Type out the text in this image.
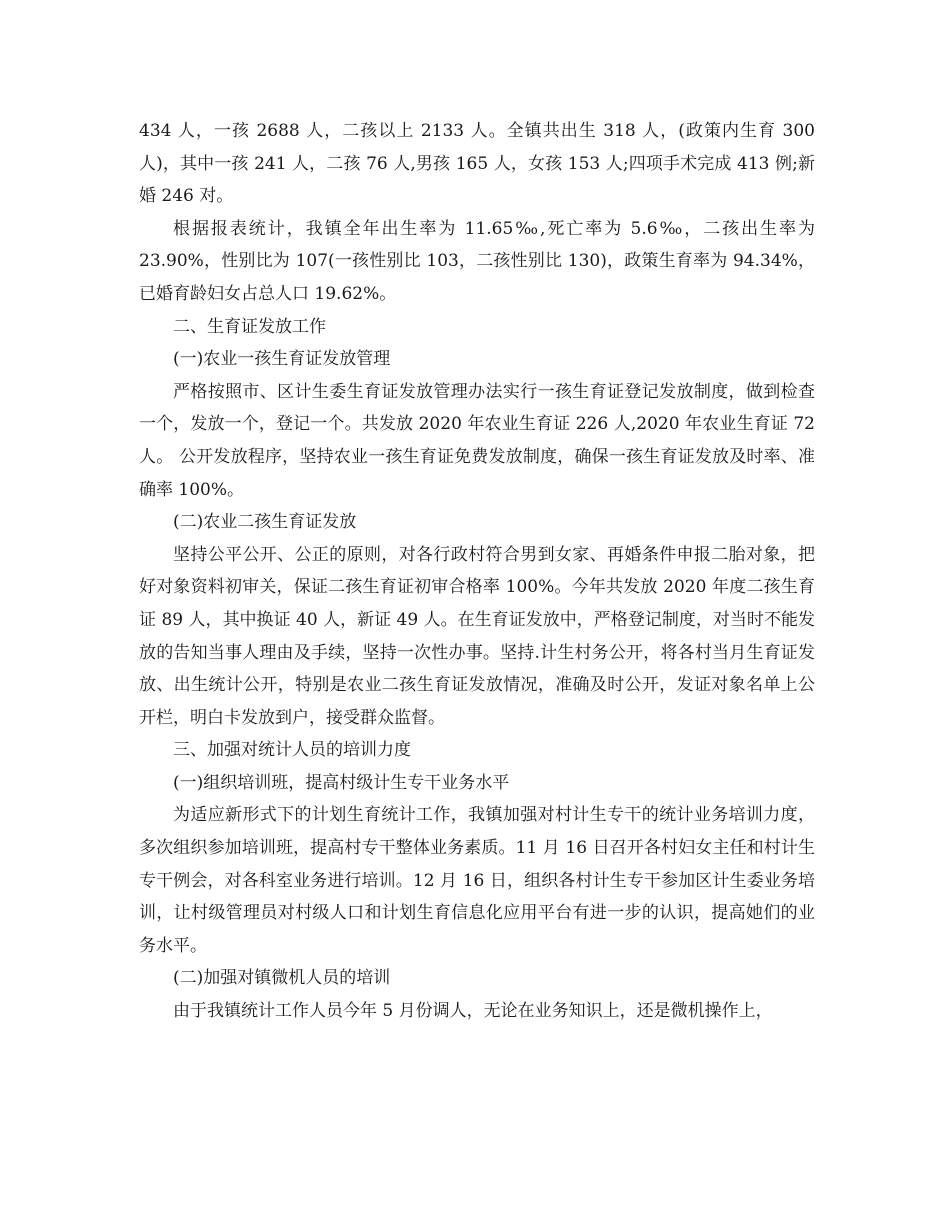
434 人，一孩 2688 人，二孩以上 2133 人。全镇共出生 318 人，(政策内生育 300 人)，其中一孩 241 人，二孩 76 人,男孩 165 人，女孩 153 人;四项手术完成 413 例;新婚 246 对。

根据报表统计，我镇全年出生率为 11.65‰,死亡率为 5.6‰，二孩出生率为 23.90%，性别比为 107(一孩性别比 103，二孩性别比 130)，政策生育率为 94.34%，已婚育龄妇女占总人口 19.62%。

二、生育证发放工作

(一)农业一孩生育证发放管理

严格按照市、区计生委生育证发放管理办法实行一孩生育证登记发放制度，做到检查一个，发放一个，登记一个。共发放 2020 年农业生育证 226 人,2020 年农业生育证 72 人。 公开发放程序，坚持农业一孩生育证免费发放制度，确保一孩生育证发放及时率、准确率 100%。

(二)农业二孩生育证发放

坚持公平公开、公正的原则，对各行政村符合男到女家、再婚条件申报二胎对象，把好对象资料初审关，保证二孩生育证初审合格率 100%。今年共发放 2020 年度二孩生育证 89 人，其中换证 40 人，新证 49 人。在生育证发放中，严格登记制度，对当时不能发放的告知当事人理由及手续，坚持一次性办事。坚持.计生村务公开，将各村当月生育证发放、出生统计公开，特别是农业二孩生育证发放情况，准确及时公开，发证对象名单上公开栏，明白卡发放到户，接受群众监督。

三、加强对统计人员的培训力度

(一)组织培训班，提高村级计生专干业务水平

为适应新形式下的计划生育统计工作，我镇加强对村计生专干的统计业务培训力度，多次组织参加培训班，提高村专干整体业务素质。11 月 16 日召开各村妇女主任和村计生专干例会，对各科室业务进行培训。12 月 16 日，组织各村计生专干参加区计生委业务培训，让村级管理员对村级人口和计划生育信息化应用平台有进一步的认识，提高她们的业务水平。

(二)加强对镇微机人员的培训

由于我镇统计工作人员今年 5 月份调人，无论在业务知识上，还是微机操作上，
